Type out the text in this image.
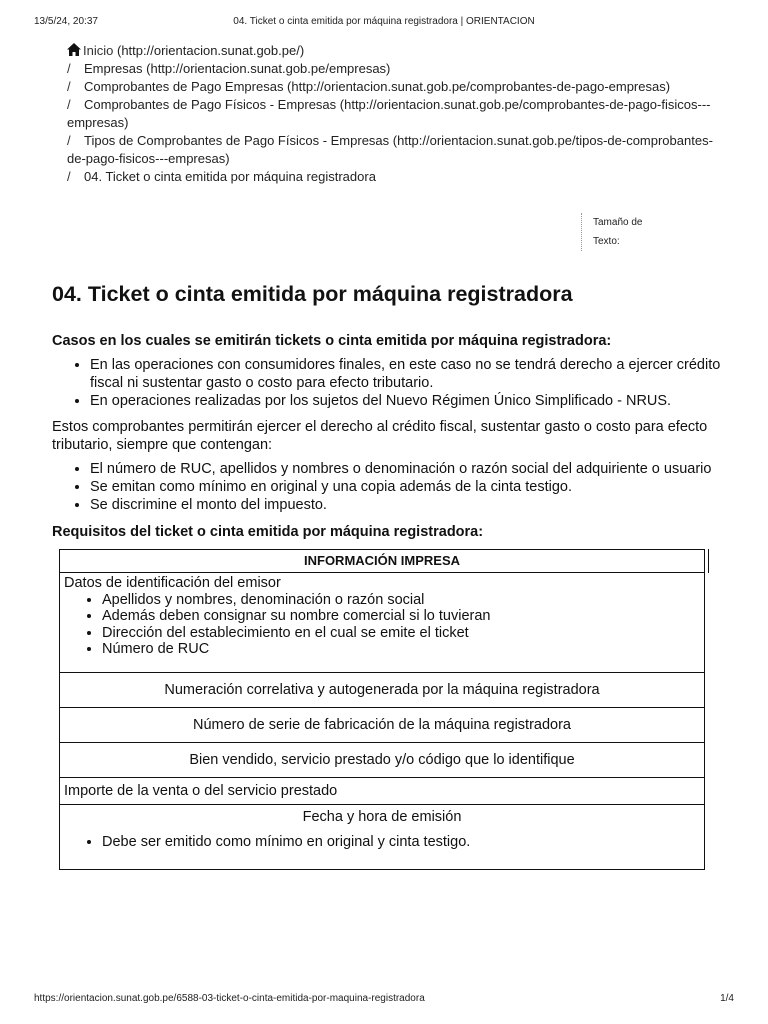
13/5/24, 20:37	04. Ticket o cinta emitida por máquina registradora | ORIENTACION
Inicio (http://orientacion.sunat.gob.pe/)
/ Empresas (http://orientacion.sunat.gob.pe/empresas)
/ Comprobantes de Pago Empresas (http://orientacion.sunat.gob.pe/comprobantes-de-pago-empresas)
/ Comprobantes de Pago Físicos - Empresas (http://orientacion.sunat.gob.pe/comprobantes-de-pago-fisicos---empresas)
/ Tipos de Comprobantes de Pago Físicos - Empresas (http://orientacion.sunat.gob.pe/tipos-de-comprobantes-de-pago-fisicos---empresas)
/ 04. Ticket o cinta emitida por máquina registradora
Tamaño de
Texto:
04. Ticket o cinta emitida por máquina registradora
Casos en los cuales se emitirán tickets o cinta emitida por máquina registradora:
• En las operaciones con consumidores finales, en este caso no se tendrá derecho a ejercer crédito fiscal ni sustentar gasto o costo para efecto tributario.
• En operaciones realizadas por los sujetos del Nuevo Régimen Único Simplificado - NRUS.

Estos comprobantes permitirán ejercer el derecho al crédito fiscal, sustentar gasto o costo para efecto tributario, siempre que contengan:

• El número de RUC, apellidos y nombres o denominación o razón social del adquiriente o usuario
• Se emitan como mínimo en original y una copia además de la cinta testigo.
• Se discrimine el monto del impuesto.
Requisitos del ticket o cinta emitida por máquina registradora:
INFORMACIÓN IMPRESA

Datos de identificación del emisor
• Apellidos y nombres, denominación o razón social
• Además deben consignar su nombre comercial si lo tuvieran
• Dirección del establecimiento en el cual se emite el ticket
• Número de RUC

Numeración correlativa y autogenerada por la máquina registradora
Número de serie de fabricación de la máquina registradora
Bien vendido, servicio prestado y/o código que lo identifique
Importe de la venta o del servicio prestado

Fecha y hora de emisión
• Debe ser emitido como mínimo en original y cinta testigo.
https://orientacion.sunat.gob.pe/6588-03-ticket-o-cinta-emitida-por-maquina-registradora	1/4
